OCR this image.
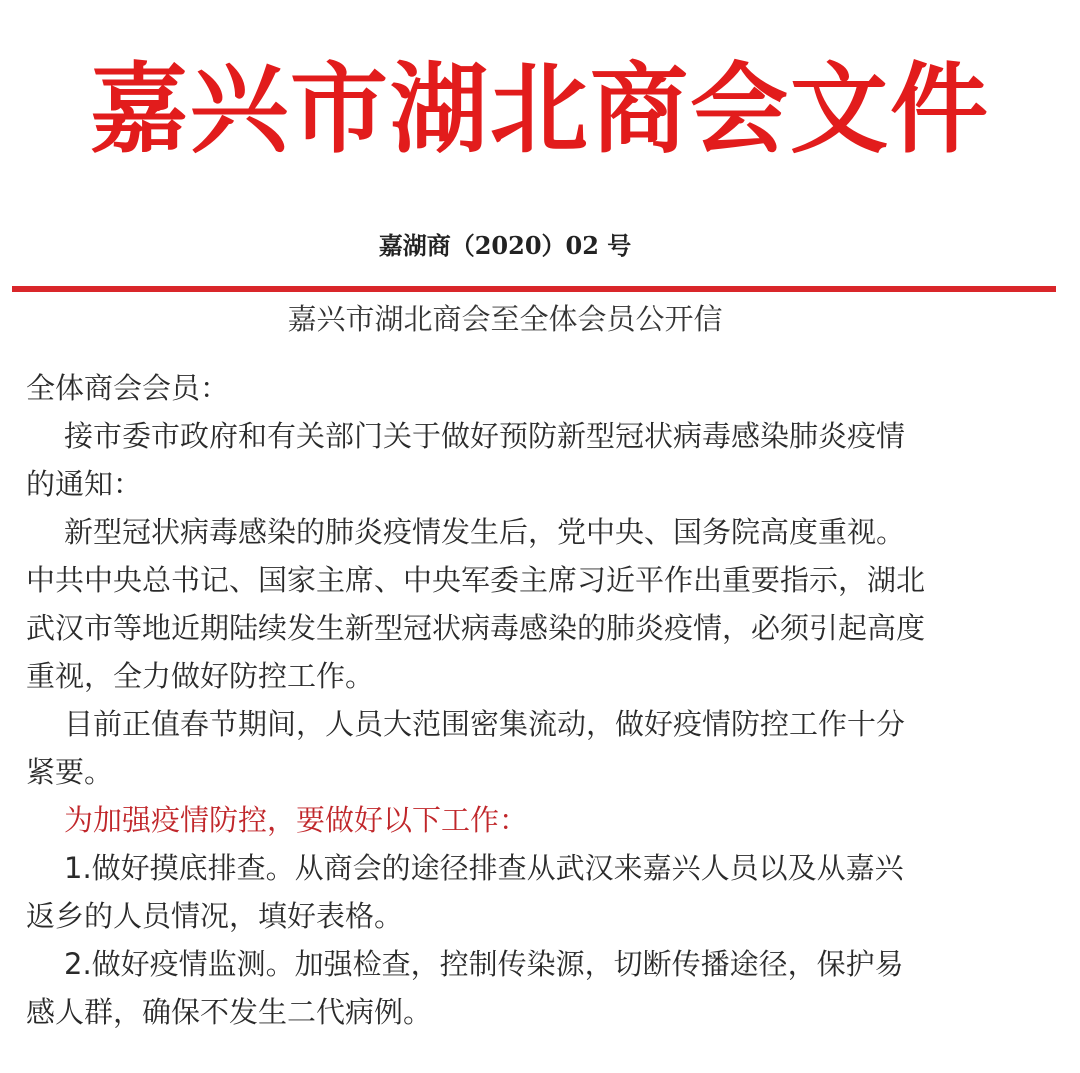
嘉兴市湖北商会文件
嘉湖商（2020）02 号
嘉兴市湖北商会至全体会员公开信
全体商会会员：
接市委市政府和有关部门关于做好预防新型冠状病毒感染肺炎疫情
的通知：
新型冠状病毒感染的肺炎疫情发生后，党中央、国务院高度重视。
中共中央总书记、国家主席、中央军委主席习近平作出重要指示，湖北
武汉市等地近期陆续发生新型冠状病毒感染的肺炎疫情，必须引起高度
重视，全力做好防控工作。
目前正值春节期间，人员大范围密集流动，做好疫情防控工作十分
紧要。
为加强疫情防控，要做好以下工作：
1.做好摸底排查。从商会的途径排查从武汉来嘉兴人员以及从嘉兴
返乡的人员情况，填好表格。
2.做好疫情监测。加强检查，控制传染源，切断传播途径，保护易
感人群，确保不发生二代病例。
